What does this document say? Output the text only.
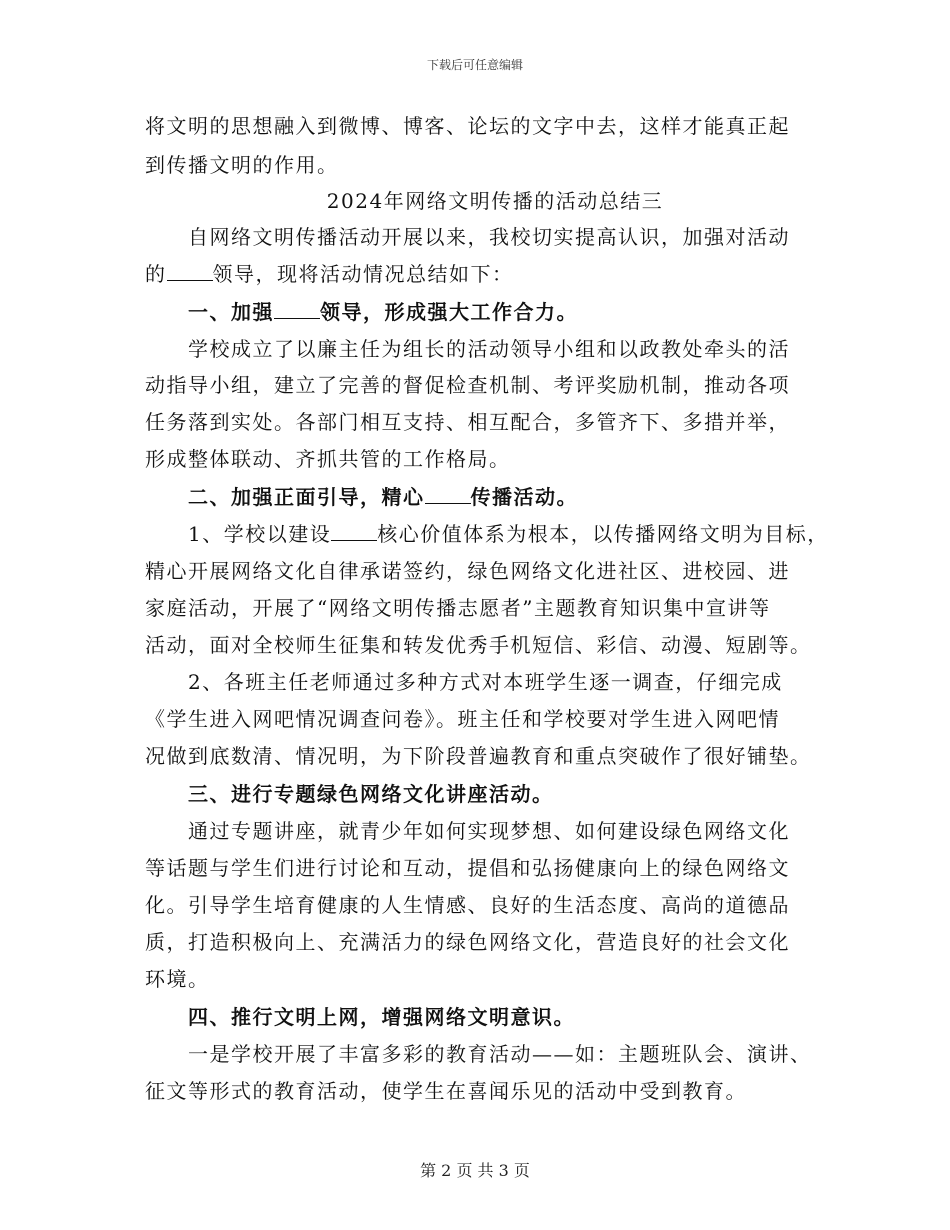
下载后可任意编辑
将文明的思想融入到微博、博客、论坛的文字中去，这样才能真正起
到传播文明的作用。
2024年网络文明传播的活动总结三
自网络文明传播活动开展以来，我校切实提高认识，加强对活动
的 领导，现将活动情况总结如下：
一、加强 领导，形成强大工作合力。
学校成立了以廉主任为组长的活动领导小组和以政教处牵头的活
动指导小组，建立了完善的督促检查机制、考评奖励机制，推动各项
任务落到实处。各部门相互支持、相互配合，多管齐下、多措并举，
形成整体联动、齐抓共管的工作格局。
二、加强正面引导，精心 传播活动。
1、学校以建设 核心价值体系为根本，以传播网络文明为目标，
精心开展网络文化自律承诺签约，绿色网络文化进社区、进校园、进
家庭活动，开展了“网络文明传播志愿者”主题教育知识集中宣讲等
活动，面对全校师生征集和转发优秀手机短信、彩信、动漫、短剧等。
2、各班主任老师通过多种方式对本班学生逐一调查，仔细完成
《学生进入网吧情况调查问卷》。班主任和学校要对学生进入网吧情
况做到底数清、情况明，为下阶段普遍教育和重点突破作了很好铺垫。
三、进行专题绿色网络文化讲座活动。
通过专题讲座，就青少年如何实现梦想、如何建设绿色网络文化
等话题与学生们进行讨论和互动，提倡和弘扬健康向上的绿色网络文
化。引导学生培育健康的人生情感、良好的生活态度、高尚的道德品
质，打造积极向上、充满活力的绿色网络文化，营造良好的社会文化
环境。
四、推行文明上网，增强网络文明意识。
一是学校开展了丰富多彩的教育活动——如：主题班队会、演讲、
征文等形式的教育活动，使学生在喜闻乐见的活动中受到教育。
第 2 页 共 3 页
